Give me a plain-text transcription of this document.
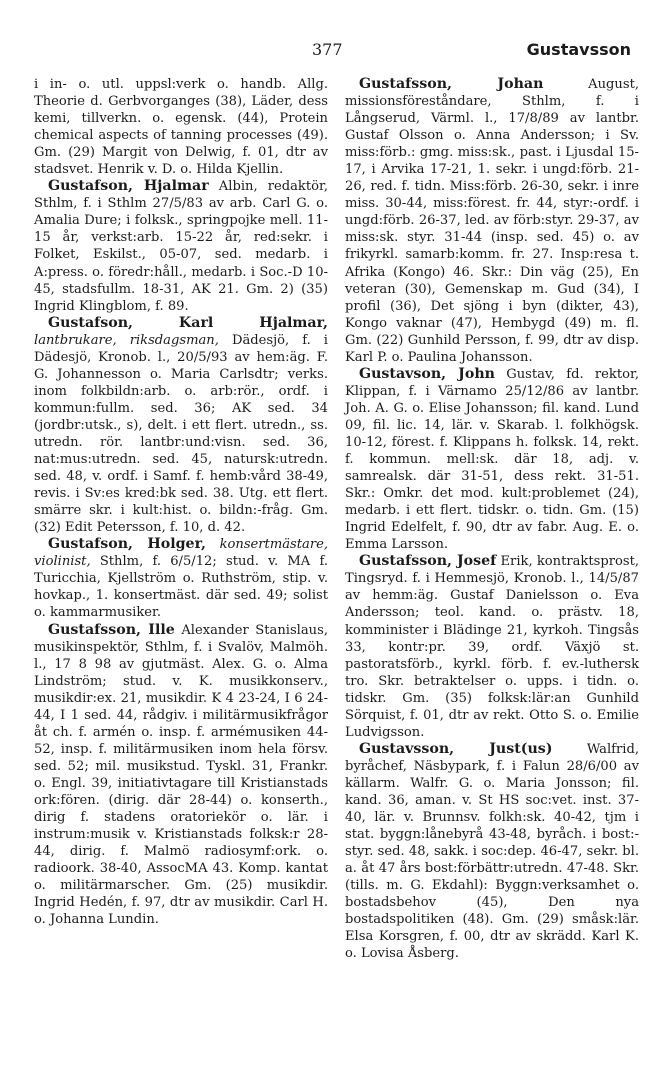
377	Gustavsson

i in- o. utl. uppsl:verk o. handb. Allg. Theorie d. Gerbvorganges (38), Läder, dess kemi, tillverkn. o. egensk. (44), Protein chemical aspects of tanning processes (49). Gm. (29) Margit von Delwig, f. 01, dtr av stadsvet. Henrik v. D. o. Hilda Kjellin.

Gustafson, Hjalmar Albin, redaktör, Sthlm, f. i Sthlm 27/5/83 av arb. Carl G. o. Amalia Dure; i folksk., springpojke mell. 11-15 år, verkst:arb. 15-22 år, red:sekr. i Folket, Eskilst., 05-07, sed. medarb. i A:press. o. föredr:håll., medarb. i Soc.-D 10-45, stadsfullm. 18-31, AK 21. Gm. 2) (35) Ingrid Klingblom, f. 89.

Gustafson, Karl Hjalmar, lantbrukare, riksdagsman, Dädesjö, f. i Dädesjö, Kronob. l., 20/5/93 av hem:äg. F. G. Johannesson o. Maria Carlsdtr; verks. inom folkbildn:arb. o. arb:rör., ordf. i kommun:fullm. sed. 36; AK sed. 34 (jordbr:utsk., s), delt. i ett flert. utredn., ss. utredn. rör. lantbr:und:visn. sed. 36, nat:mus:utredn. sed. 45, natursk:utredn. sed. 48, v. ordf. i Samf. f. hemb:vård 38-49, revis. i Sv:es kred:bk sed. 38. Utg. ett flert. smärre skr. i kult:hist. o. bildn:-fråg. Gm. (32) Edit Petersson, f. 10, d. 42.

Gustafson, Holger, konsertmästare, violinist, Sthlm, f. 6/5/12; stud. v. MA f. Turicchia, Kjellström o. Ruthström, stip. v. hovkap., 1. konsertmäst. där sed. 49; solist o. kammarmusiker.

Gustafsson, Ille Alexander Stanislaus, musikinspektör, Sthlm, f. i Svalöv, Malmöh. l., 17 8 98 av gjutmäst. Alex. G. o. Alma Lindström; stud. v. K. musikkonserv., musikdir:ex. 21, musikdir. K 4 23-24, I 6 24-44, I 1 sed. 44, rådgiv. i militärmusikfrågor åt ch. f. armén o. insp. f. armémusiken 44-52, insp. f. militärmusiken inom hela försv. sed. 52; mil. musikstud. Tyskl. 31, Frankr. o. Engl. 39, initiativtagare till Kristianstads ork:fören. (dirig. där 28-44) o. konserth., dirig f. stadens oratoriekör o. lär. i instrum:musik v. Kristianstads folksk:r 28-44, dirig. f. Malmö radiosymf:ork. o. radioork. 38-40, AssocMA 43. Komp. kantat o. militärmarscher. Gm. (25) musikdir. Ingrid Hedén, f. 97, dtr av musikdir. Carl H. o. Johanna Lundin.

Gustafsson, Johan	August, missionsföreståndare, Sthlm, f. i Långserud, Värml. l., 17/8/89 av lantbr. Gustaf Olsson o. Anna Andersson; i Sv. miss:förb.: gmg. miss:sk., past. i Ljusdal 15-17, i Arvika 17-21, 1. sekr. i ungd:förb. 21-26, red. f. tidn. Miss:förb. 26-30, sekr. i inre miss. 30-44, miss:förest. fr. 44, styr:-ordf. i ungd:förb. 26-37, led. av förb:styr. 29-37, av miss:sk. styr. 31-44 (insp. sed. 45) o. av frikyrkl. samarb:komm. fr. 27. Insp:resa t. Afrika (Kongo) 46. Skr.: Din väg (25), En veteran (30), Gemenskap m. Gud (34), I profil (36), Det sjöng i byn (dikter, 43), Kongo vaknar (47), Hembygd (49) m. fl. Gm. (22) Gunhild Persson, f. 99, dtr av disp. Karl P. o. Paulina Johansson.

Gustavson, John Gustav, fd. rektor, Klippan, f. i Värnamo 25/12/86 av lantbr. Joh. A. G. o. Elise Johansson; fil. kand. Lund 09, fil. lic. 14, lär. v. Skarab. l. folkhögsk. 10-12, förest. f. Klippans h. folksk. 14, rekt. f. kommun. mell:sk. där 18, adj. v. samrealsk. där 31-51, dess rekt. 31-51. Skr.: Omkr. det mod. kult:problemet (24), medarb. i ett flert. tidskr. o. tidn. Gm. (15) Ingrid Edelfelt, f. 90, dtr av fabr. Aug. E. o. Emma Larsson.

Gustafsson, Josef Erik, kontraktsprost, Tingsryd. f. i Hemmesjö, Kronob. l., 14/5/87 av hemm:äg. Gustaf Danielsson o. Eva Andersson; teol. kand. o. prästv. 18, komminister i Blädinge 21, kyrkoh. Tingsås 33, kontr:pr. 39, ordf. Växjö st. pastoratsförb., kyrkl. förb. f. ev.-luthersk tro. Skr. betraktelser o. upps. i tidn. o. tidskr. Gm. (35) folksk:lär:an Gunhild Sörquist, f. 01, dtr av rekt. Otto S. o. Emilie Ludvigsson.

Gustavsson, Just(us)	Walfrid, byråchef, Näsbypark, f. i Falun 28/6/00 av källarm. Walfr. G. o. Maria Jonsson; fil. kand. 36, aman. v. St HS soc:vet. inst. 37-40, lär. v. Brunnsv. folkh:sk. 40-42, tjm i stat. byggn:lånebyrå 43-48, byråch. i bost:-styr. sed. 48, sakk. i soc:dep. 46-47, sekr. bl. a. åt 47 års bost:förbättr:utredn. 47-48. Skr. (tills. m. G. Ekdahl): Byggn:verksamhet o. bostadsbehov (45), Den nya bostadspolitiken (48). Gm. (29) småsk:lär. Elsa Korsgren, f. 00, dtr av skrädd. Karl K. o. Lovisa Åsberg.
